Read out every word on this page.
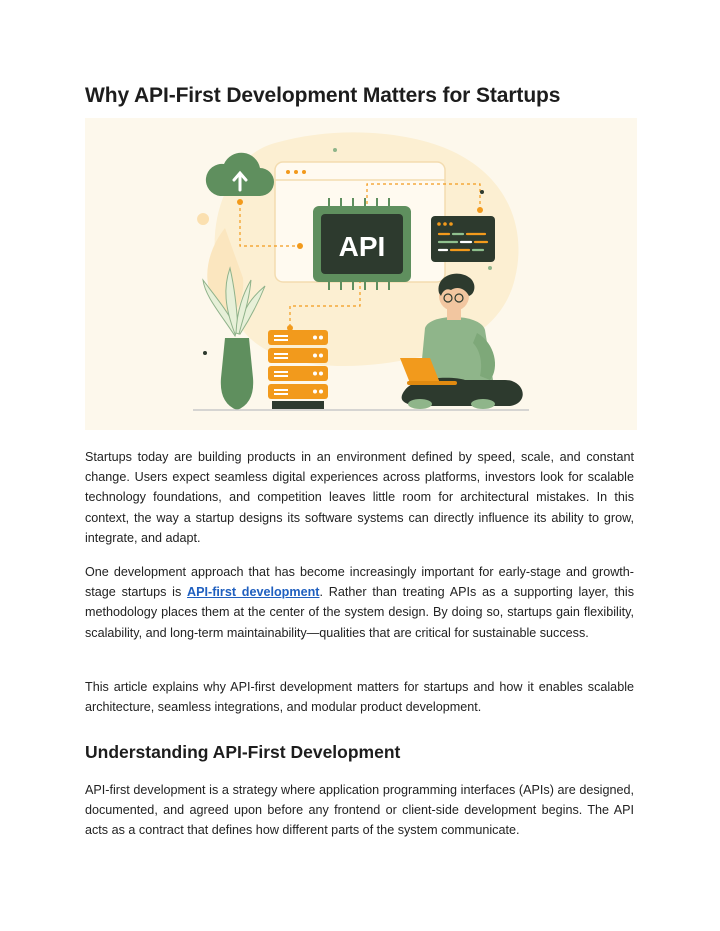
Why API-First Development Matters for Startups
API

Startups today are building products in an environment defined by speed, scale, and constant change. Users expect seamless digital experiences across platforms, investors look for scalable technology foundations, and competition leaves little room for architectural mistakes. In this context, the way a startup designs its software systems can directly influence its ability to grow, integrate, and adapt.

One development approach that has become increasingly important for early-stage and growth-stage startups is API-first development. Rather than treating APIs as a supporting layer, this methodology places them at the center of the system design. By doing so, startups gain flexibility, scalability, and long-term maintainability—qualities that are critical for sustainable success.

This article explains why API-first development matters for startups and how it enables scalable architecture, seamless integrations, and modular product development.

Understanding API-First Development

API-first development is a strategy where application programming interfaces (APIs) are designed, documented, and agreed upon before any frontend or client-side development begins. The API acts as a contract that defines how different parts of the system communicate.
